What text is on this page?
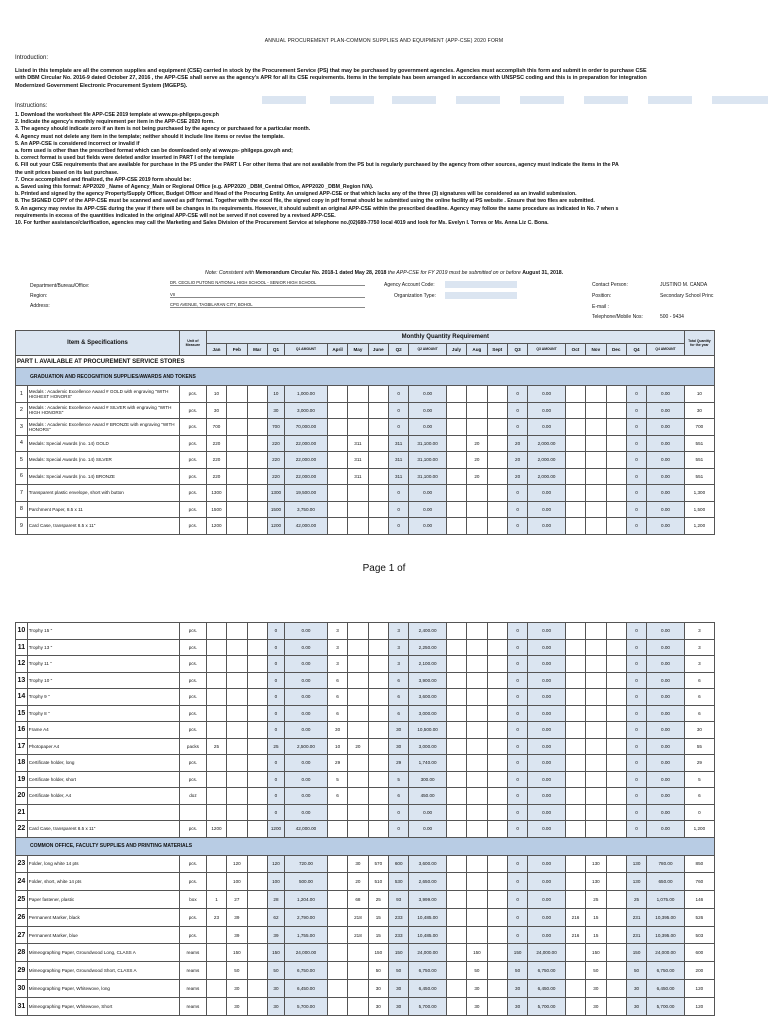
ANNUAL PROCUREMENT PLAN-COMMON SUPPLIES AND EQUIPMENT (APP-CSE) 2020 FORM
Introduction:
Listed in this template are all the common supplies and equipment (CSE) carried in stock by the Procurement Service (PS) that may be purchased by government agencies. Agencies must accomplish this form and submit in order to purchase CSE
with DBM Circular No. 2016-9 dated October 27, 2016 , the APP-CSE shall serve as the agency's APR for all its CSE requirements. Items in the template has been arranged in accordance with UNSPSC coding and this is in preparation for integration
Modernized Government Electronic Procurement System (MGEPS).
Instructions:
1. Download the worksheet file APP-CSE 2019 template at www.ps-philgeps.gov.ph
2. Indicate the agency's monthly requirement per item in the APP-CSE 2020 form.
3. The agency should indicate zero if an item is not being purchased by the agency or purchased for a particular month.
4. Agency must not delete any item in the template; neither should it include line items or revise the template.
5. An APP-CSE is considered incorrect or invalid if
a. form used is other than the prescribed format which can be downloaded only at www.ps- philgeps.gov.ph and;
b. correct format is used but fields were deleted and/or inserted in PART I of the template
6. Fill out your CSE requirements that are available for purchase in the PS under the PART I. For other items that are not available from the PS but is regularly purchased by the agency from other sources, agency must indicate the items in the PA
the unit prices based on its last purchase.
7. Once accomplished and finalized, the APP-CSE 2019 form should be:
a. Saved using this format: APP2020 _Name of Agency_Main or Regional Office (e.g. APP2020 _DBM_Central Office, APP2020 _DBM_Region IVA).
b. Printed and signed by the agency Property/Supply Officer, Budget Officer and Head of the Procuring Entity. An unsigned APP-CSE or that which lacks any of the three (3) signatures will be considered as an invalid submission.
8. The SIGNED COPY of the APP-CSE must be scanned and saved as pdf format. Together with the excel file, the signed copy in pdf format should be submitted using the online facility at PS website . Ensure that two files are submitted.
9. An agency may revise its APP-CSE during the year if there will be changes in its requirements. However, it should submit an original APP-CSE within the prescribed deadline. Agency may follow the same procedure as indicated in No. 7 when s
requirements in excess of the quantities indicated in the original APP-CSE will not be served if not covered by a revised APP-CSE.
10. For further assistance/clarification, agencies may call the Marketing and Sales Division of the Procurement Service at telephone no.(02)689-7750 local 4019 and look for Ms. Evelyn I. Torres or Ms. Anna Liz C. Bona.
Note: Consistent with Memorandum Circular No. 2018-1 dated May 28, 2018 the APP-CSE for FY 2019 must be submitted on or before August 31, 2018.
Department/Bureau/Office:
DR. CECILIO PUTONG NATIONAL HIGH SCHOOL - SENIOR HIGH SCHOOL
Region:	VII
Address:	CPG AVENUE, TAGBILARAN CITY, BOHOL
Agency Account Code:
Organization Type:
Contact Person:	JUSTINO M. CANDA
Position:	Secondary School Princ
E-mail :
Telephone/Mobile Nos:	500 - 9434
Item & Specifications		Unit of Measure	Monthly Quantity Requirement																				Total Quantity for the year
			Jan	Feb	Mar	Q1	Q1 AMOUNT	April	May	June	Q2	Q2 AMOUNT	July	Aug	Sept	Q3	Q3 AMOUNT	Oct	Nov	Dec	Q4	Q4 AMOUNT	
PART I. AVAILABLE AT PROCUREMENT SERVICE STORES																							
GRADUATION AND RECOGNITION SUPPLIES/AWARDS AND TOKENS																							
1	Medals : Academic Excellence Award # GOLD with engraving "WITH HIGHEST HONORS"	pcs.	10			10	1,000.00				0	0.00				0	0.00				0	0.00	10
2	Medals : Academic Excellence Award # SILVER with engraving "WITH HIGH HONORS"	pcs.	30			30	3,000.00				0	0.00				0	0.00				0	0.00	30
3	Medals : Academic Excellence Award # BRONZE with engraving "WITH HONORS"	pcs.	700			700	70,000.00				0	0.00				0	0.00				0	0.00	700
4	Medals: Special Awards (no. 14) GOLD	pcs.	220			220	22,000.00		311		311	31,100.00		20		20	2,000.00				0	0.00	551
5	Medals: Special Awards (no. 14) SILVER	pcs.	220			220	22,000.00		311		311	31,100.00		20		20	2,000.00				0	0.00	551
6	Medals: Special Awards (no. 14) BRONZE	pcs.	220			220	22,000.00		311		311	31,100.00		20		20	2,000.00				0	0.00	551
7	Transparent plastic envelope, short with button	pcs.	1300			1300	19,500.00				0	0.00				0	0.00				0	0.00	1,300
8	Parchment Paper, 8.5 x 11	pcs.	1500			1500	3,750.00				0	0.00				0	0.00				0	0.00	1,500
9	Card Case, transparent 8.5 x 11"	pcs.	1200			1200	42,000.00				0	0.00				0	0.00				0	0.00	1,200
Page 1 of
10	Trophy 15 "	pcs.				0	0.00	3			3	2,400.00				0	0.00				0	0.00	3
11	Trophy 13 "	pcs.				0	0.00	3			3	2,250.00				0	0.00				0	0.00	3
12	Trophy 11 "	pcs.				0	0.00	3			3	2,100.00				0	0.00				0	0.00	3
13	Trophy 10 "	pcs.				0	0.00	6			6	3,900.00				0	0.00				0	0.00	6
14	Trophy 9 "	pcs.				0	0.00	6			6	3,600.00				0	0.00				0	0.00	6
15	Trophy 8 "	pcs.				0	0.00	6			6	3,000.00				0	0.00				0	0.00	6
16	Frame A4	pcs.				0	0.00	30			30	10,500.00				0	0.00				0	0.00	30
17	Photopaper A4	packs	25			25	2,500.00	10	20		30	3,000.00				0	0.00				0	0.00	55
18	Certificate holder, long	pcs.				0	0.00	29			29	1,740.00				0	0.00				0	0.00	29
19	Certificate holder, short	pcs.				0	0.00	5			5	300.00				0	0.00				0	0.00	5
20	Certificate holder, A4	doz				0	0.00	6			6	450.00				0	0.00				0	0.00	6
21						0	0.00				0	0.00				0	0.00				0	0.00	0
22	Card Case, transparent 8.5 x 11"	pcs.	1200			1200	42,000.00				0	0.00				0	0.00				0	0.00	1,200
COMMON OFFICE, FACULTY SUPPLIES AND PRINTING MATERIALS																							
23	Folder, long white 14 pts	pcs.		120		120	720.00		30	570	600	3,600.00				0	0.00		130		130	780.00	850
24	Folder, short, white 14 pts	pcs.		100		100	500.00		20	510	530	2,650.00				0	0.00		130		130	650.00	760
25	Paper fastener, plastic	box	1	27		28	1,204.00		68	25	93	3,999.00				0	0.00		25		25	1,075.00	146
26	Permanent Marker, black	pcs.	23	39		62	2,790.00		218	15	233	10,485.00				0	0.00	216	15		231	10,395.00	526
27	Permanent Marker, blue	pcs.		39		39	1,755.00		218	15	233	10,485.00				0	0.00	216	15		231	10,395.00	503
28	Mimeographing Paper, Groundwood Long, CLASS A	reams		150		150	24,000.00			150	150	24,000.00		150		150	24,000.00		150		150	24,000.00	600
29	Mimeographing Paper, Groundwood Short, CLASS A	reams		50		50	6,750.00			50	50	6,750.00		50		50	6,750.00		50		50	6,750.00	200
30	Mimeographing Paper, Whitewove, long	reams		30		30	6,450.00			30	30	6,450.00		30		30	6,450.00		30		30	6,450.00	120
31	Mimeographing Paper, Whitewove, Short	reams		30		30	5,700.00			30	30	5,700.00		30		30	5,700.00		30		30	5,700.00	120
